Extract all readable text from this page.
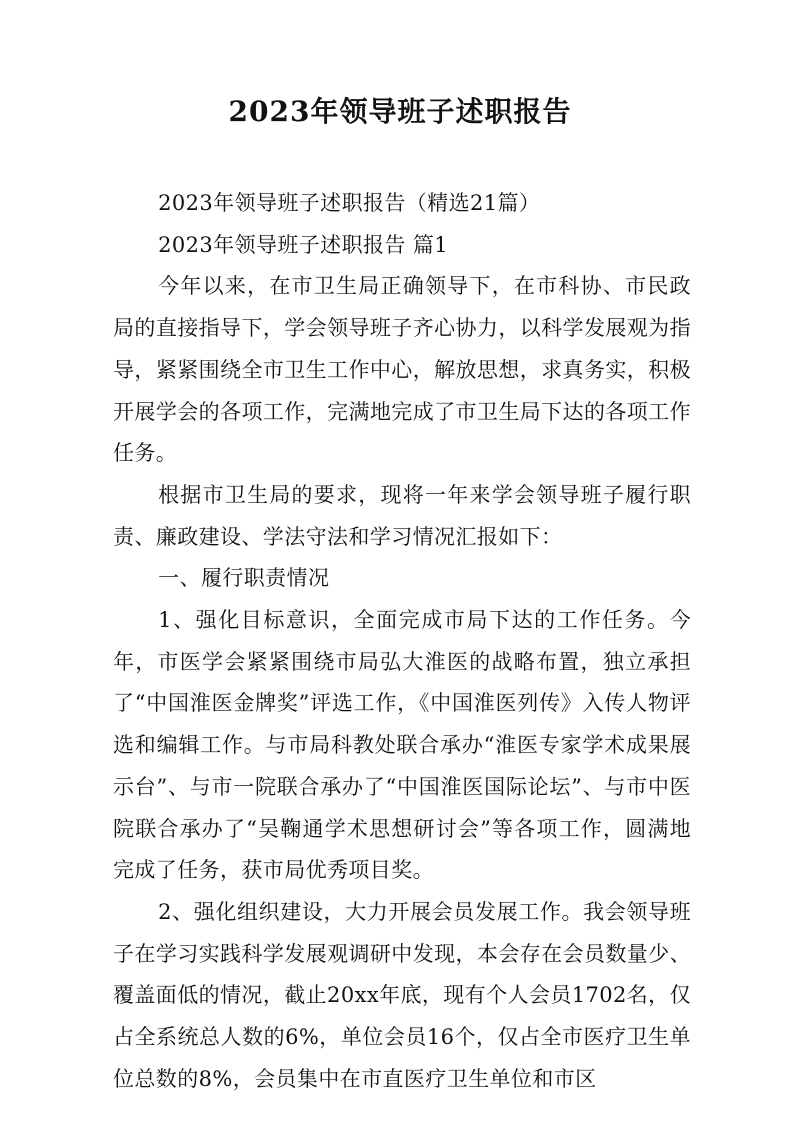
2023年领导班子述职报告

2023年领导班子述职报告（精选21篇）

2023年领导班子述职报告 篇1

今年以来，在市卫生局正确领导下，在市科协、市民政局的直接指导下，学会领导班子齐心协力，以科学发展观为指导，紧紧围绕全市卫生工作中心，解放思想，求真务实，积极开展学会的各项工作，完满地完成了市卫生局下达的各项工作任务。

根据市卫生局的要求，现将一年来学会领导班子履行职责、廉政建设、学法守法和学习情况汇报如下：

一、履行职责情况

1、强化目标意识，全面完成市局下达的工作任务。今年，市医学会紧紧围绕市局弘大淮医的战略布置，独立承担了“中国淮医金牌奖”评选工作，《中国淮医列传》入传人物评选和编辑工作。与市局科教处联合承办“淮医专家学术成果展示台”、与市一院联合承办了“中国淮医国际论坛”、与市中医院联合承办了“吴鞠通学术思想研讨会”等各项工作，圆满地完成了任务，获市局优秀项目奖。

2、强化组织建设，大力开展会员发展工作。我会领导班子在学习实践科学发展观调研中发现，本会存在会员数量少、覆盖面低的情况，截止20xx年底，现有个人会员1702名，仅占全系统总人数的6%，单位会员16个，仅占全市医疗卫生单位总数的8%，会员集中在市直医疗卫生单位和市区
